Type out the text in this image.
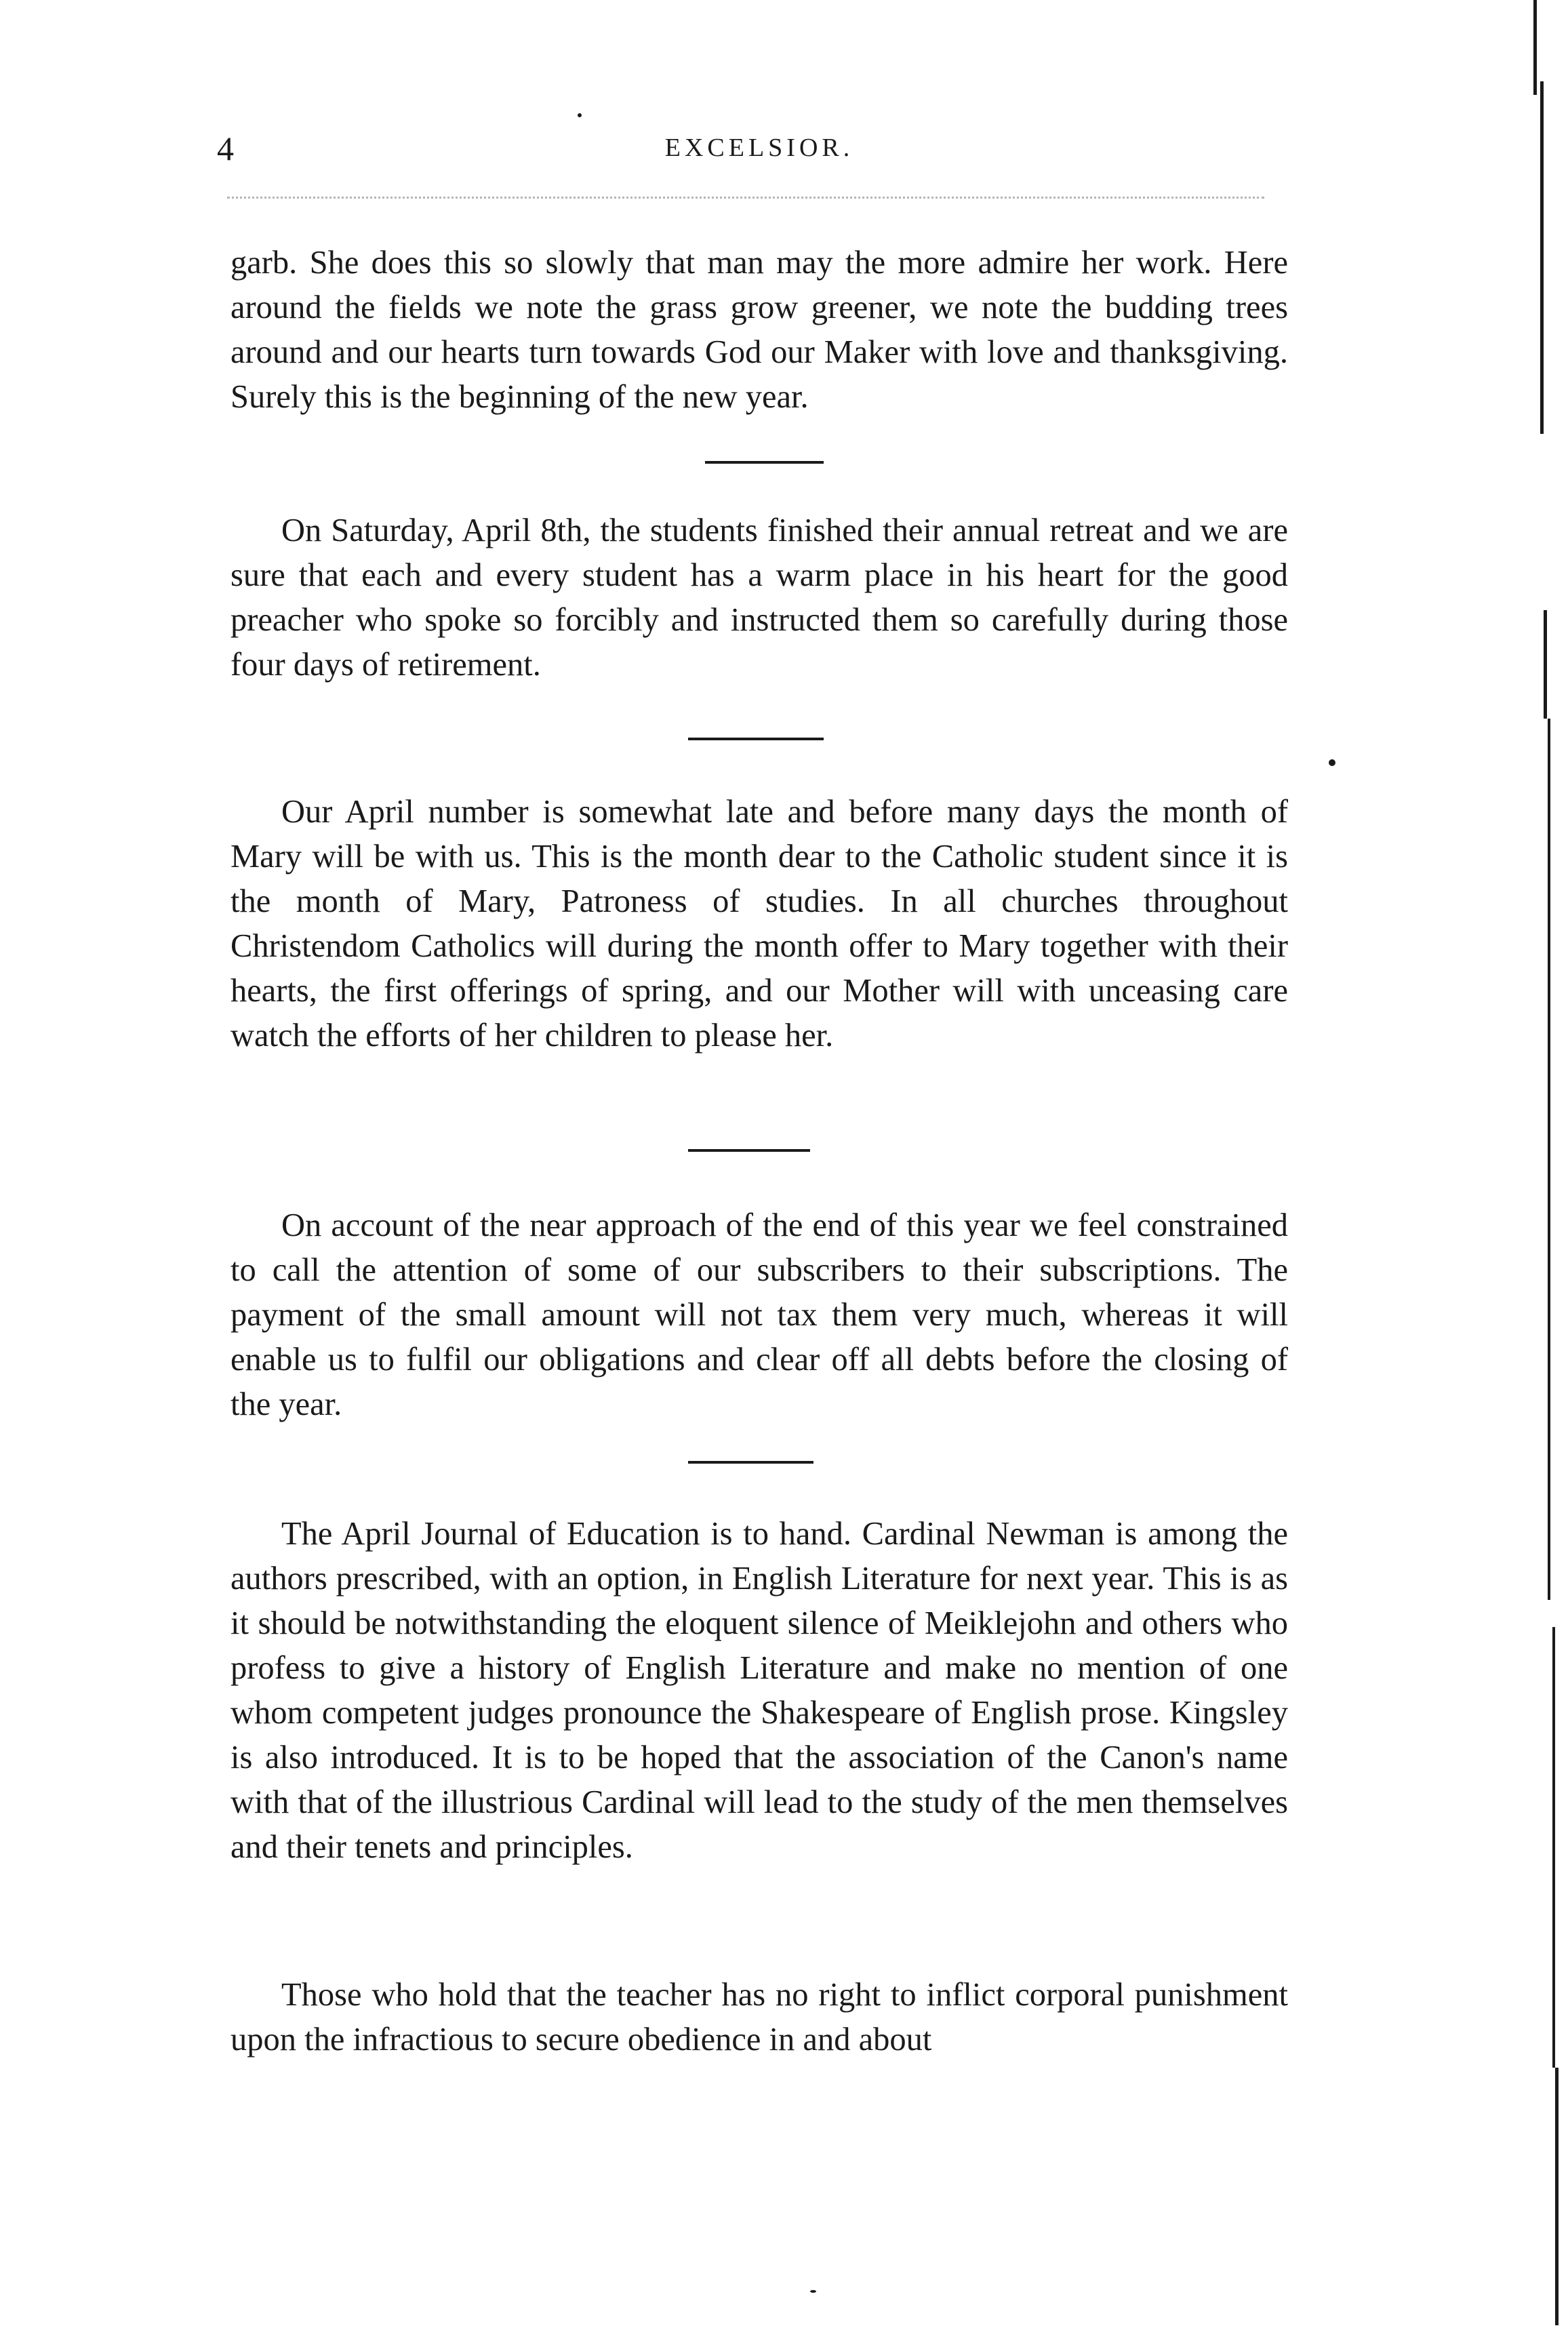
4	EXCELSIOR.

garb. She does this so slowly that man may the more admire her work. Here around the fields we note the grass grow greener, we note the budding trees around and our hearts turn towards God our Maker with love and thanksgiving. Surely this is the beginning of the new year.

On Saturday, April 8th, the students finished their annual retreat and we are sure that each and every student has a warm place in his heart for the good preacher who spoke so forcibly and instructed them so carefully during those four days of retirement.

Our April number is somewhat late and before many days the month of Mary will be with us. This is the month dear to the Catholic student since it is the month of Mary, Patroness of studies. In all churches throughout Christendom Catholics will during the month offer to Mary together with their hearts, the first offerings of spring, and our Mother will with unceasing care watch the efforts of her children to please her.

On account of the near approach of the end of this year we feel constrained to call the attention of some of our subscribers to their subscriptions. The payment of the small amount will not tax them very much, whereas it will enable us to fulfil our obligations and clear off all debts before the closing of the year.

The April Journal of Education is to hand. Cardinal Newman is among the authors prescribed, with an option, in English Literature for next year. This is as it should be notwithstanding the eloquent silence of Meiklejohn and others who profess to give a history of English Literature and make no mention of one whom competent judges pronounce the Shakespeare of English prose. Kingsley is also introduced. It is to be hoped that the association of the Canon's name with that of the illustrious Cardinal will lead to the study of the men themselves and their tenets and principles.

Those who hold that the teacher has no right to inflict corporal punishment upon the infractious to secure obedience in and about
